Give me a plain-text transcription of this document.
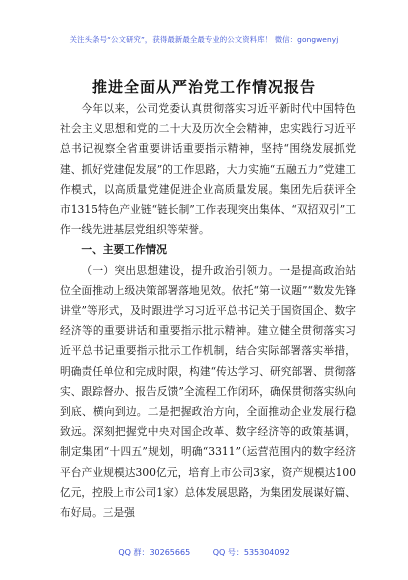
关注头条号“公文研究”，获得最新最全最专业的公文资料库！ 微信：gongwenyj
推进全面从严治党工作情况报告

今年以来，公司党委认真贯彻落实习近平新时代中国特色社会主义思想和党的二十大及历次全会精神，忠实践行习近平总书记视察全省重要讲话重要指示精神，坚持“围绕发展抓党建、抓好党建促发展”的工作思路，大力实施“五融五力”党建工作模式，以高质量党建促进企业高质量发展。集团先后获评全市1315特色产业链“链长制”工作表现突出集体、“双招双引”工作一线先进基层党组织等荣誉。

一、主要工作情况

（一）突出思想建设，提升政治引领力。一是提高政治站位全面推动上级决策部署落地见效。依托“第一议题”“数发先锋讲堂”等形式，及时跟进学习习近平总书记关于国资国企、数字经济等的重要讲话和重要指示批示精神。建立健全贯彻落实习近平总书记重要指示批示工作机制，结合实际部署落实举措，明确责任单位和完成时限，构建“传达学习、研究部署、贯彻落实、跟踪督办、报告反馈”全流程工作闭环，确保贯彻落实纵向到底、横向到边。二是把握政治方向，全面推动企业发展行稳致远。深刻把握党中央对国企改革、数字经济等的政策基调，制定集团“十四五”规划，明确“3311”（运营范围内的数字经济平台产业规模达300亿元，培育上市公司3家，资产规模达100亿元，控股上市公司1家）总体发展思路，为集团发展谋好篇、布好局。三是强

QQ 群：30265665	QQ 号：535304092
